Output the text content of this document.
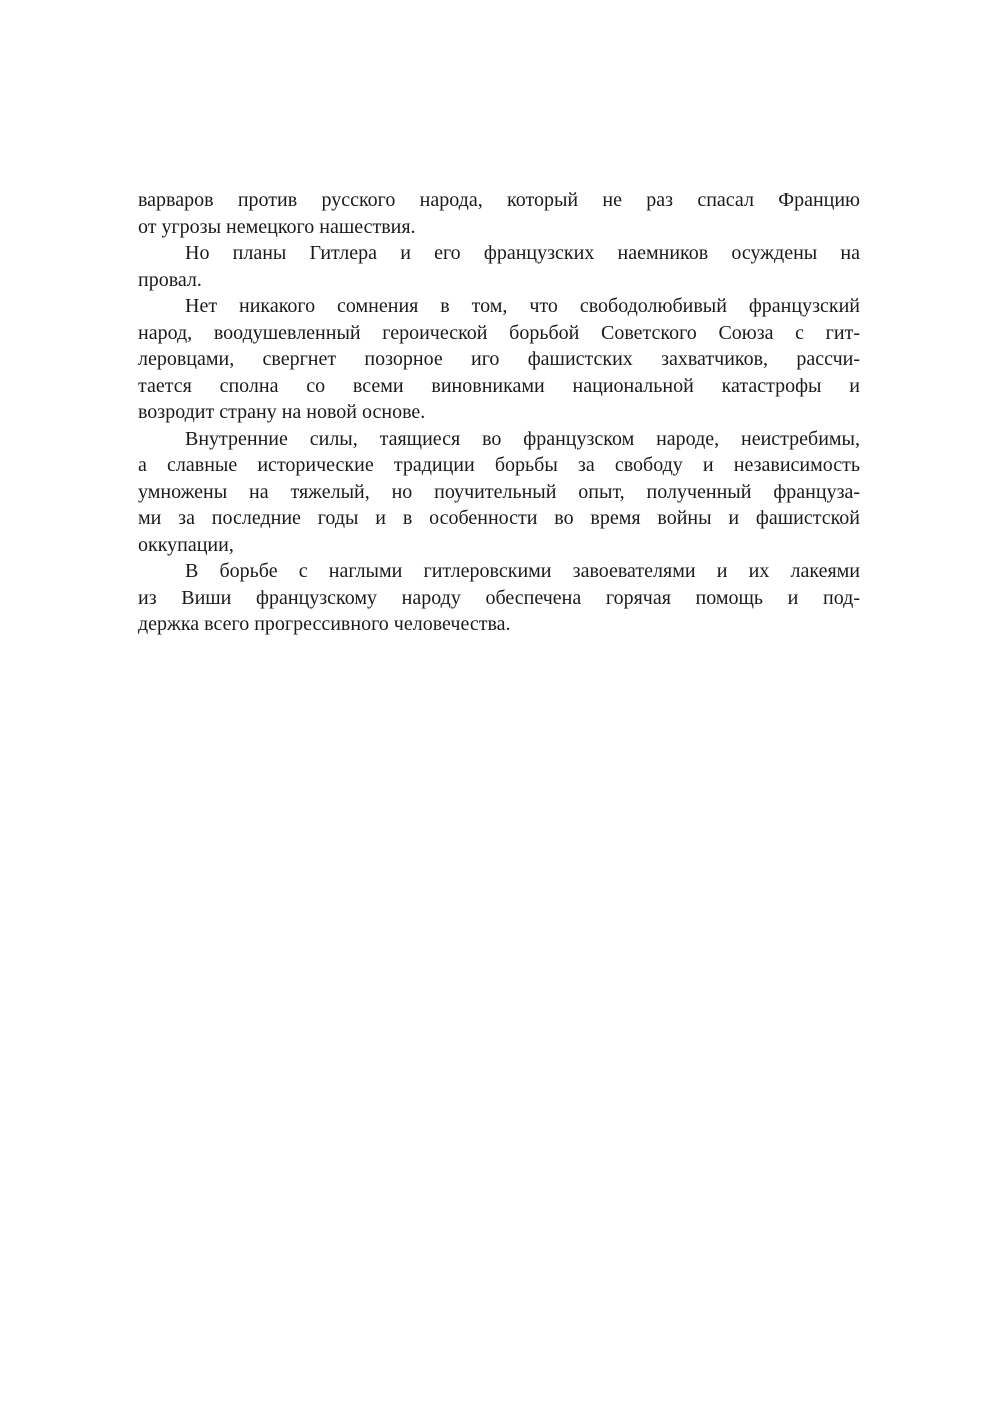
варваров против русского народа, который не раз спасал Францию
от угрозы немецкого нашествия.

Но планы Гитлера и его французских наемников осуждены на
провал.

Нет никакого сомнения в том, что свободолюбивый французский
народ, воодушевленный героической борьбой Советского Союза с гит-
леровцами, свергнет позорное иго фашистских захватчиков, рассчи-
тается сполна со всеми виновниками национальной катастрофы и
возродит страну на новой основе.

Внутренние силы, таящиеся во французском народе, неистребимы,
а славные исторические традиции борьбы за свободу и независимость
умножены на тяжелый, но поучительный опыт, полученный француза-
ми за последние годы и в особенности во время войны и фашистской
оккупации,

В борьбе с наглыми гитлеровскими завоевателями и их лакеями
из Виши французскому народу обеспечена горячая помощь и под-
держка всего прогрессивного человечества.
